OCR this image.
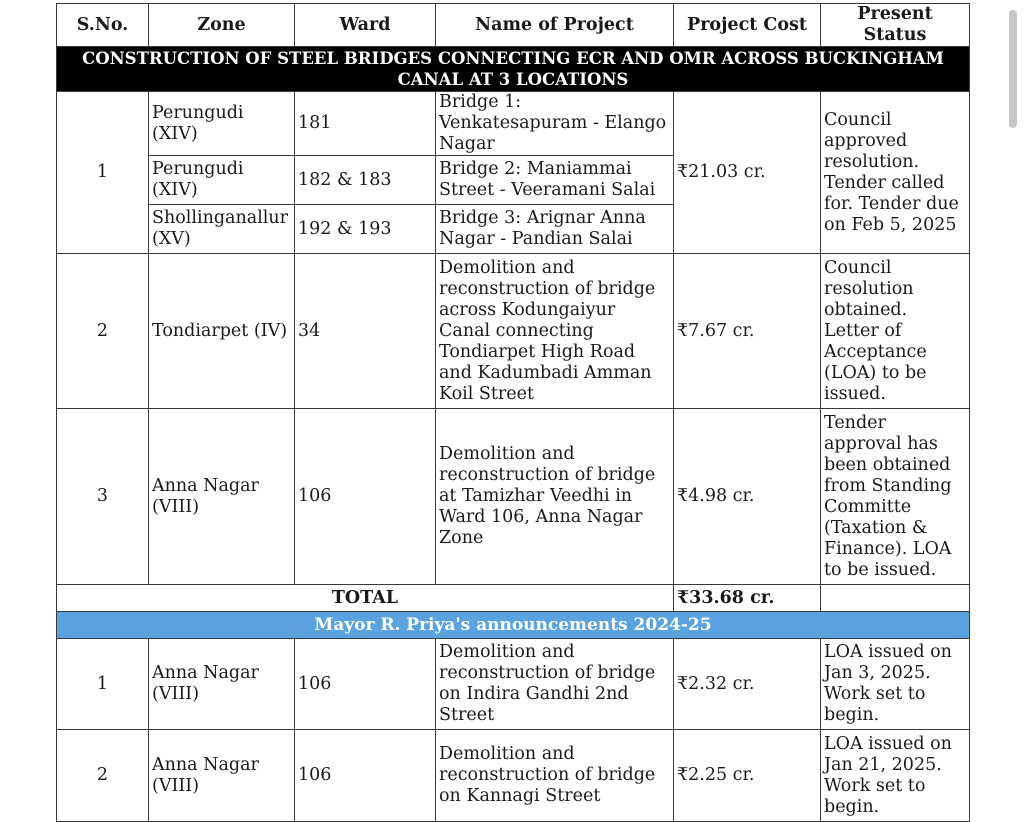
S.No.	Zone	Ward	Name of Project	Project Cost	Present Status
CONSTRUCTION OF STEEL BRIDGES CONNECTING ECR AND OMR ACROSS BUCKINGHAM CANAL AT 3 LOCATIONS					
1	Perungudi (XIV)	181	Bridge 1: Venkatesapuram - Elango Nagar	₹21.03 cr.	Council approved resolution. Tender called for. Tender due on Feb 5, 2025
	Perungudi (XIV)	182 & 183	Bridge 2: Maniammai Street - Veeramani Salai		
	Shollinganallur (XV)	192 & 193	Bridge 3: Arignar Anna Nagar - Pandian Salai		
2	Tondiarpet (IV)	34	Demolition and reconstruction of bridge across Kodungaiyur Canal connecting Tondiarpet High Road and Kadumbadi Amman Koil Street	₹7.67 cr.	Council resolution obtained. Letter of Acceptance (LOA) to be issued.
3	Anna Nagar (VIII)	106	Demolition and reconstruction of bridge at Tamizhar Veedhi in Ward 106, Anna Nagar Zone	₹4.98 cr.	Tender approval has been obtained from Standing Committe (Taxation & Finance). LOA to be issued.
TOTAL				₹33.68 cr.	
Mayor R. Priya's announcements 2024-25					
1	Anna Nagar (VIII)	106	Demolition and reconstruction of bridge on Indira Gandhi 2nd Street	₹2.32 cr.	LOA issued on Jan 3, 2025. Work set to begin.
2	Anna Nagar (VIII)	106	Demolition and reconstruction of bridge on Kannagi Street	₹2.25 cr.	LOA issued on Jan 21, 2025. Work set to begin.
